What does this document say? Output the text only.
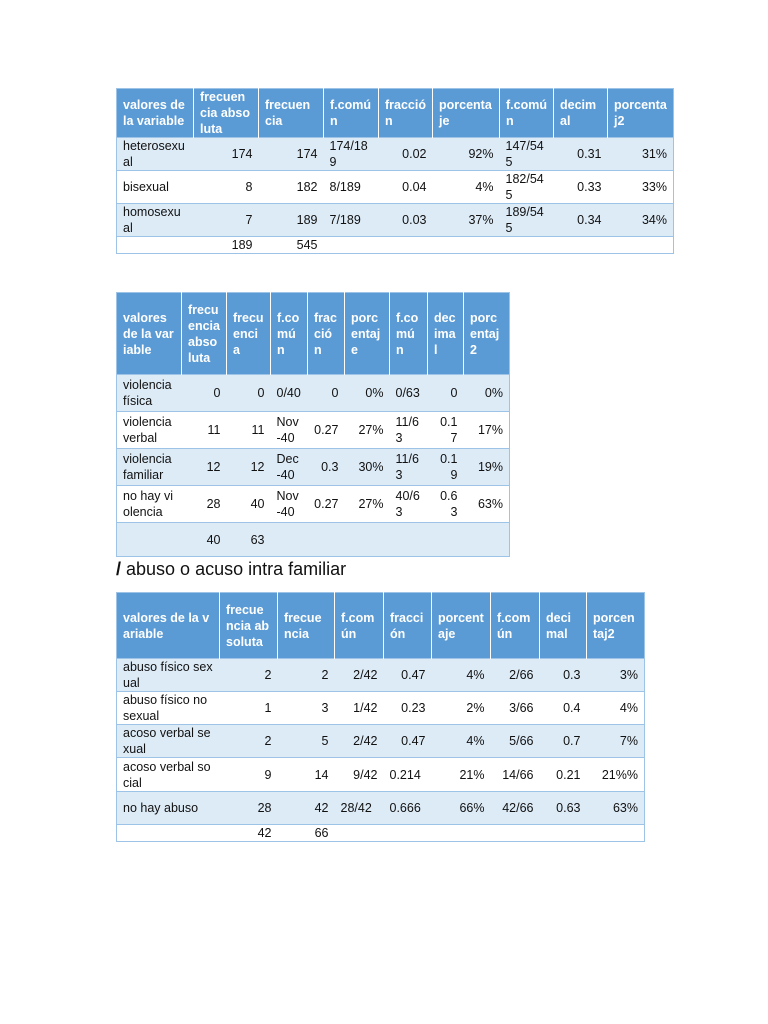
valores de la variable	frecuencia absoluta	frecuencia	f.común	fracción	porcentaje	f.común	decimal	porcentaj2
heterosexual	174	174	174/189	0.02	92%	147/545	0.31	31%
bisexual	8	182	8/189	0.04	4%	182/545	0.33	33%
homosexual	7	189	7/189	0.03	37%	189/545	0.34	34%
	189	545						
valores de la variable	frecuencia absoluta	frecuencia	f.común	fracción	porcentaje	f.común	decimal	porcentaj2
violencia física	0	0	0/40	0	0%	0/63	0	0%
violencia verbal	11	11	Nov-40	0.27	27%	11/63	0.17	17%
violencia familiar	12	12	Dec-40	0.3	30%	11/63	0.19	19%
no hay violencia	28	40	Nov-40	0.27	27%	40/63	0.63	63%
	40	63						
/ abuso o acuso intra familiar
valores de la variable	frecuencia absoluta	frecuencia	f.común	fracción	porcentaje	f.común	decimal	porcentaj2
abuso físico sexual	2	2	2/42	0.47	4%	2/66	0.3	3%
abuso físico no sexual	1	3	1/42	0.23	2%	3/66	0.4	4%
acoso verbal sexual	2	5	2/42	0.47	4%	5/66	0.7	7%
acoso verbal social	9	14	9/42	0.214	21%	14/66	0.21	21%%
no hay abuso	28	42	28/42	0.666	66%	42/66	0.63	63%
	42	66						
